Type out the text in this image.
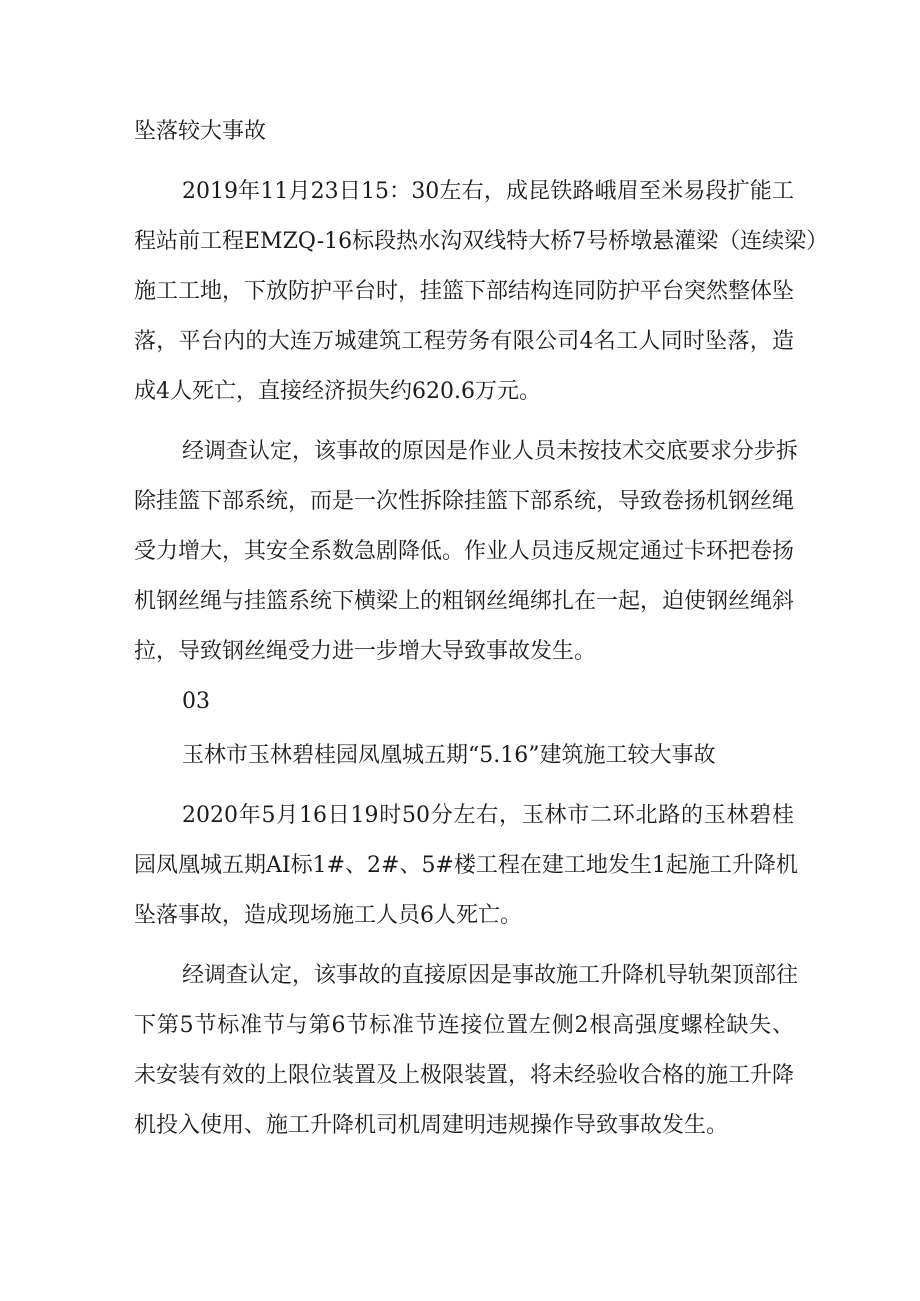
坠落较大事故
2019年11月23日15：30左右，成昆铁路峨眉至米易段扩能工
程站前工程EMZQ-16标段热水沟双线特大桥7号桥墩悬灌梁（连续梁）
施工工地，下放防护平台时，挂篮下部结构连同防护平台突然整体坠
落，平台内的大连万城建筑工程劳务有限公司4名工人同时坠落，造
成4人死亡，直接经济损失约620.6万元。
经调查认定，该事故的原因是作业人员未按技术交底要求分步拆
除挂篮下部系统，而是一次性拆除挂篮下部系统，导致卷扬机钢丝绳
受力增大，其安全系数急剧降低。作业人员违反规定通过卡环把卷扬
机钢丝绳与挂篮系统下横梁上的粗钢丝绳绑扎在一起，迫使钢丝绳斜
拉，导致钢丝绳受力进一步增大导致事故发生。
03
玉林市玉林碧桂园凤凰城五期“5.16”建筑施工较大事故
2020年5月16日19时50分左右，玉林市二环北路的玉林碧桂
园凤凰城五期AI标1#、2#、5#楼工程在建工地发生1起施工升降机
坠落事故，造成现场施工人员6人死亡。
经调查认定，该事故的直接原因是事故施工升降机导轨架顶部往
下第5节标准节与第6节标准节连接位置左侧2根高强度螺栓缺失、
未安装有效的上限位装置及上极限装置，将未经验收合格的施工升降
机投入使用、施工升降机司机周建明违规操作导致事故发生。
